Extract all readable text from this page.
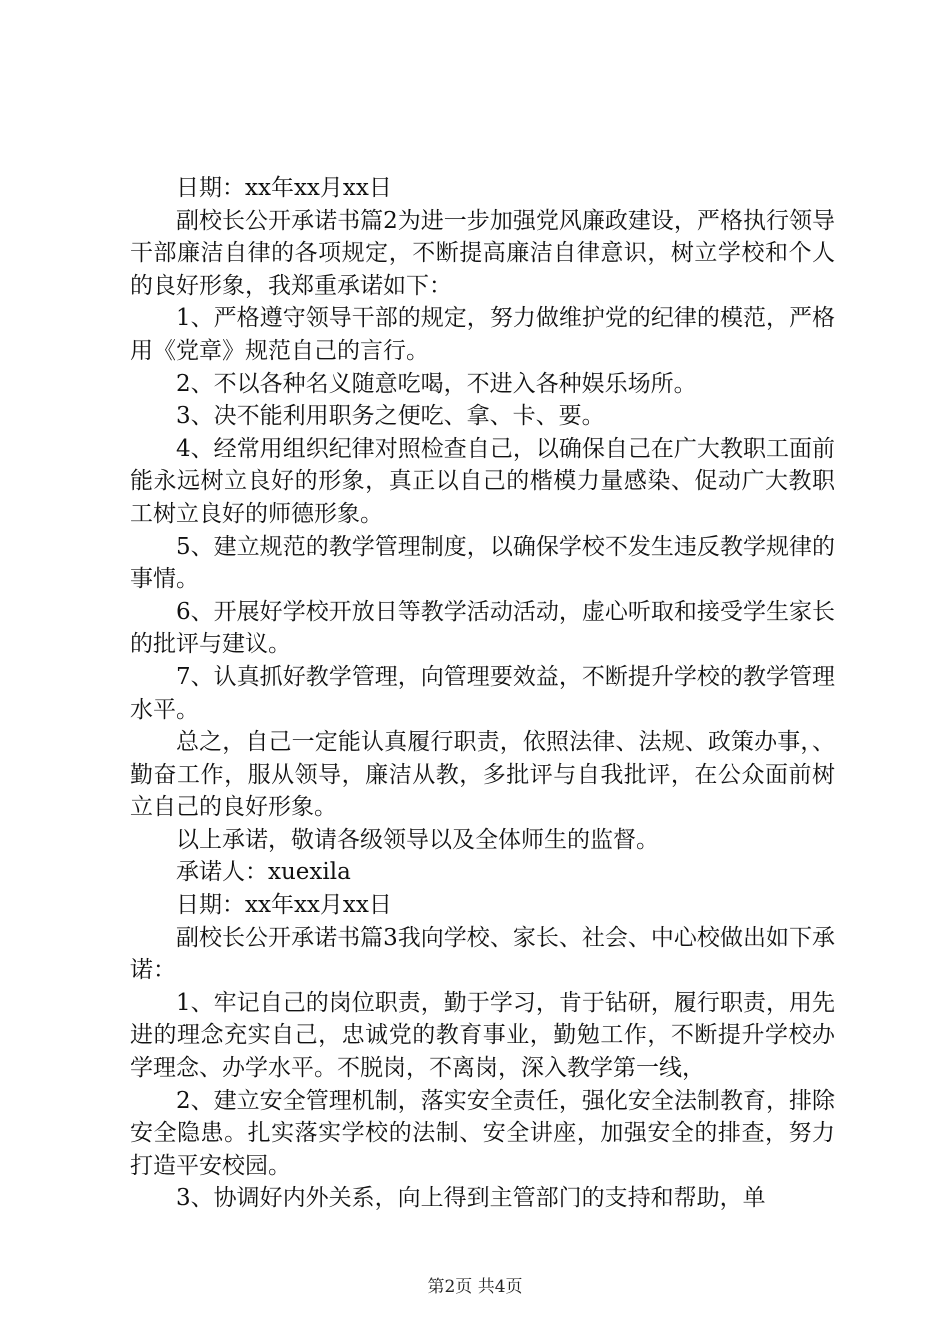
日期：xx年xx月xx日

副校长公开承诺书篇2为进一步加强党风廉政建设，严格执行领导干部廉洁自律的各项规定，不断提高廉洁自律意识，树立学校和个人的良好形象，我郑重承诺如下：

1、严格遵守领导干部的规定，努力做维护党的纪律的模范，严格用《党章》规范自己的言行。

2、不以各种名义随意吃喝，不进入各种娱乐场所。

3、决不能利用职务之便吃、拿、卡、要。

4、经常用组织纪律对照检查自己，以确保自己在广大教职工面前能永远树立良好的形象，真正以自己的楷模力量感染、促动广大教职工树立良好的师德形象。

5、建立规范的教学管理制度，以确保学校不发生违反教学规律的事情。

6、开展好学校开放日等教学活动活动，虚心听取和接受学生家长的批评与建议。

7、认真抓好教学管理，向管理要效益，不断提升学校的教学管理水平。

总之，自己一定能认真履行职责，依照法律、法规、政策办事，、勤奋工作，服从领导，廉洁从教，多批评与自我批评，在公众面前树立自己的良好形象。

以上承诺，敬请各级领导以及全体师生的监督。

承诺人：xuexila

日期：xx年xx月xx日

副校长公开承诺书篇3我向学校、家长、社会、中心校做出如下承诺：

1、牢记自己的岗位职责，勤于学习，肯于钻研，履行职责，用先进的理念充实自己，忠诚党的教育事业，勤勉工作，不断提升学校办学理念、办学水平。不脱岗，不离岗，深入教学第一线，

2、建立安全管理机制，落实安全责任，强化安全法制教育，排除安全隐患。扎实落实学校的法制、安全讲座，加强安全的排查，努力打造平安校园。

3、协调好内外关系，向上得到主管部门的支持和帮助，单

第2页 共4页
